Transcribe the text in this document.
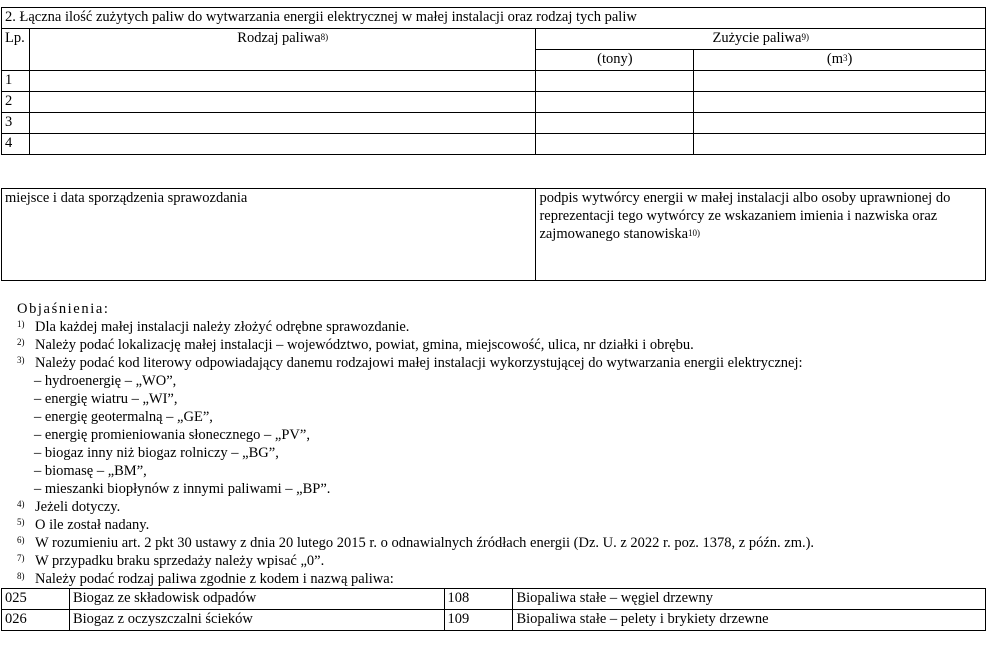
2. Łączna ilość zużytych paliw do wytwarzania energii elektrycznej w małej instalacji oraz rodzaj tych paliw			
Lp.	Rodzaj paliwa$^{8)}$	Zużycie paliwa$^{9)}$
		(tony)	$(m^3)$
1			
2			
3			
4			
miejsce i data sporządzenia sprawozdania	podpis wytwórcy energii w małej instalacji albo osoby uprawnionej do reprezentacji tego wytwórcy ze wskazaniem imienia i nazwiska oraz zajmowanego stanowiska$^{10)}$
Objaśnienia:
1) Dla każdej małej instalacji należy złożyć odrębne sprawozdanie.
2) Należy podać lokalizację małej instalacji – województwo, powiat, gmina, miejscowość, ulica, nr działki i obrębu.
3) Należy podać kod literowy odpowiadający danemu rodzajowi małej instalacji wykorzystującej do wytwarzania energii elektrycznej:
– hydroenergię – „WO”,
– energię wiatru – „WI”,
– energię geotermalną – „GE”,
– energię promieniowania słonecznego – „PV”,
– biogaz inny niż biogaz rolniczy – „BG”,
– biomasę – „BM”,
– mieszanki biopłynów z innymi paliwami – „BP”.
4) Jeżeli dotyczy.
5) O ile został nadany.
6) W rozumieniu art. 2 pkt 30 ustawy z dnia 20 lutego 2015 r. o odnawialnych źródłach energii (Dz. U. z 2022 r. poz. 1378, z późn. zm.).
7) W przypadku braku sprzedaży należy wpisać „0”.
8) Należy podać rodzaj paliwa zgodnie z kodem i nazwą paliwa:
025	Biogaz ze składowisk odpadów	108	Biopaliwa stałe – węgiel drzewny
026	Biogaz z oczyszczalni ścieków	109	Biopaliwa stałe – pelety i brykiety drzewne
